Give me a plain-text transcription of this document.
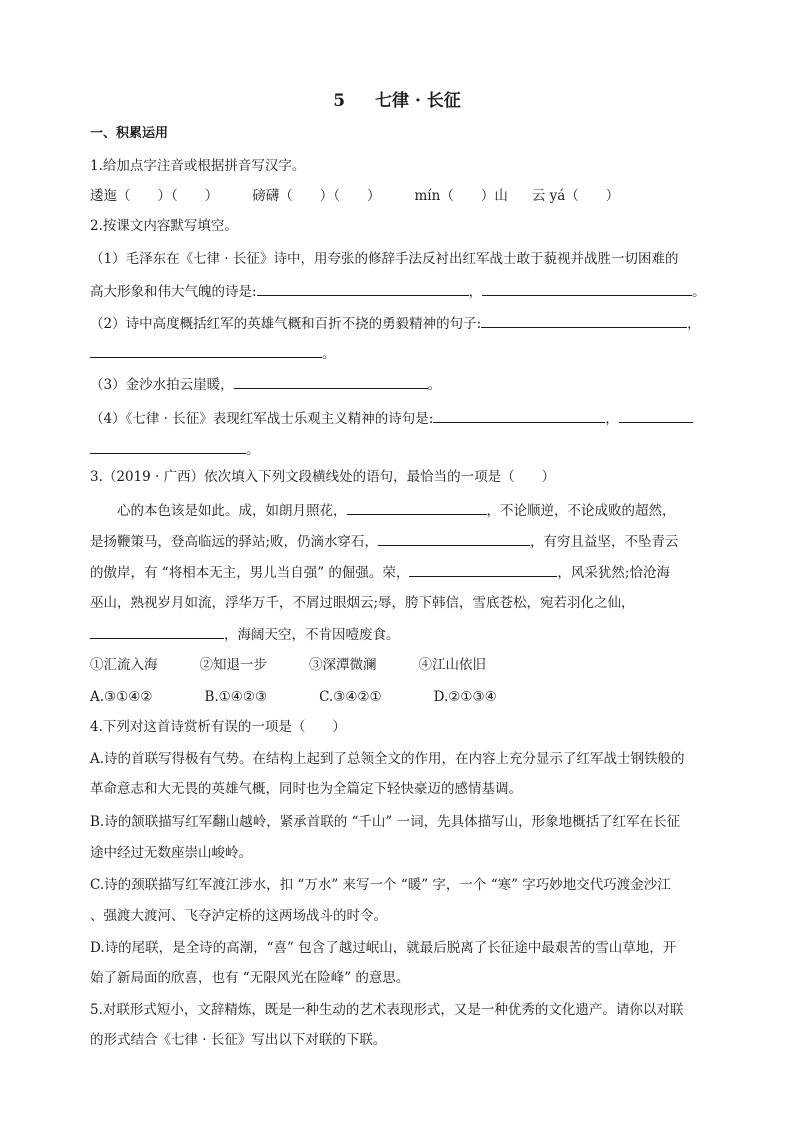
5 七律 · 长征
一、积累运用
1.给加点字注音或根据拼音写汉字。
逶迤（　　）（　　）	磅礴（　　）（　　）	mín（　　）山 云 yá（　　）
2.按课文内容默写填空。
（1）毛泽东在《七律 · 长征》诗中，用夸张的修辞手法反衬出红军战士敢于藐视并战胜一切困难的
高大形象和伟大气魄的诗是:	，	。
（2）诗中高度概括红军的英雄气概和百折不挠的勇毅精神的句子:	，
。
（3）金沙水拍云崖暖，	。
（4）《七律 · 长征》表现红军战士乐观主义精神的诗句是:	，
。
3.（2019 · 广西）依次填入下列文段横线处的语句，最恰当的一项是（　　）
　　心的本色该是如此。成，如朗月照花，	，不论顺逆，不论成败的超然，
是扬鞭策马，登高临远的驿站;败，仍滴水穿石，	，有穷且益坚，不坠青云
的傲岸，有 “将相本无主，男儿当自强” 的倔强。荣，	，风采犹然;恰沧海
巫山，熟视岁月如流，浮华万千，不屑过眼烟云;辱，胯下韩信，雪底苍松，宛若羽化之仙，
，海阔天空，不肯因噎废食。
①汇流入海	②知退一步	③深潭微澜	④江山依旧
A.③①④②	B.①④②③	C.③④②①	D.②①③④
4.下列对这首诗赏析有误的一项是（　　）
A.诗的首联写得极有气势。在结构上起到了总领全文的作用，在内容上充分显示了红军战士钢铁般的
革命意志和大无畏的英雄气概，同时也为全篇定下轻快豪迈的感情基调。
B.诗的颔联描写红军翻山越岭，紧承首联的 “千山” 一词，先具体描写山，形象地概括了红军在长征
途中经过无数座崇山峻岭。
C.诗的颈联描写红军渡江涉水，扣 “万水” 来写一个 “暖” 字，一个 “寒” 字巧妙地交代巧渡金沙江
、强渡大渡河、飞夺泸定桥的这两场战斗的时令。
D.诗的尾联，是全诗的高潮，“喜” 包含了越过岷山，就最后脱离了长征途中最艰苦的雪山草地，开
始了新局面的欣喜，也有 “无限风光在险峰” 的意思。
5.对联形式短小，文辞精炼，既是一种生动的艺术表现形式，又是一种优秀的文化遗产。请你以对联
的形式结合《七律 · 长征》写出以下对联的下联。
